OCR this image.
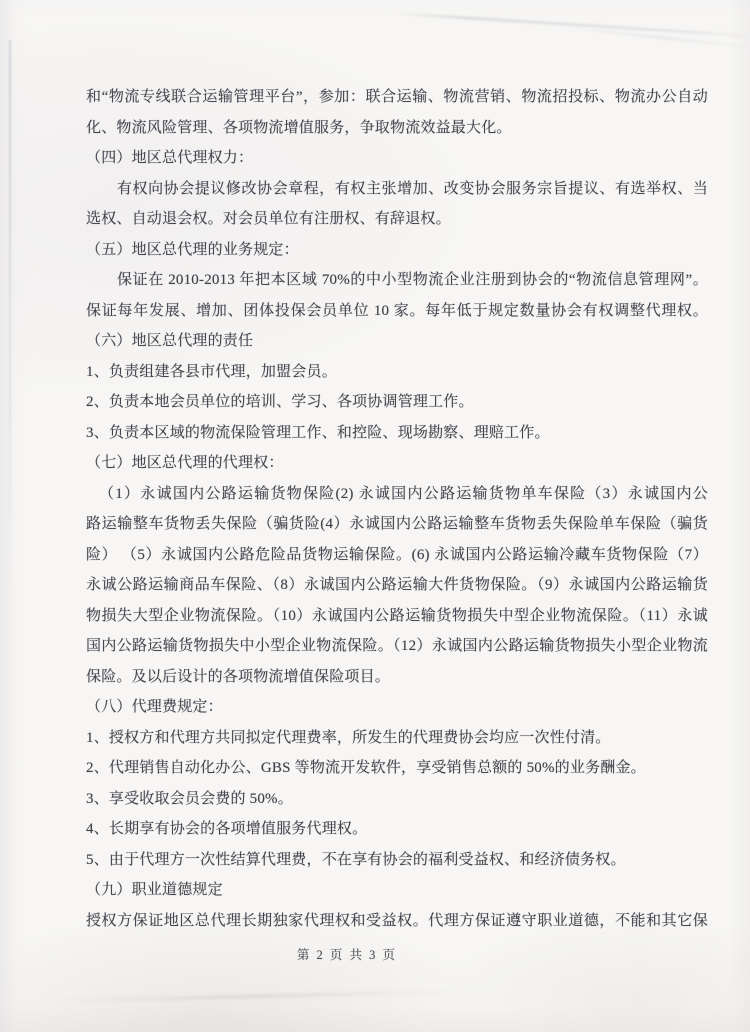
和“物流专线联合运输管理平台”，参加：联合运输、物流营销、物流招投标、物流办公自动
化、物流风险管理、各项物流增值服务，争取物流效益最大化。
（四）地区总代理权力：
有权向协会提议修改协会章程，有权主张增加、改变协会服务宗旨提议、有选举权、当
选权、自动退会权。对会员单位有注册权、有辞退权。
（五）地区总代理的业务规定：
保证在 2010-2013 年把本区域 70%的中小型物流企业注册到协会的“物流信息管理网”。
保证每年发展、增加、团体投保会员单位 10 家。每年低于规定数量协会有权调整代理权。
（六）地区总代理的责任
1、负责组建各县市代理，加盟会员。
2、负责本地会员单位的培训、学习、各项协调管理工作。
3、负责本区域的物流保险管理工作、和控险、现场勘察、理赔工作。
（七）地区总代理的代理权：
（1）永诚国内公路运输货物保险(2) 永诚国内公路运输货物单车保险（3）永诚国内公
路运输整车货物丢失保险（骗货险(4）永诚国内公路运输整车货物丢失保险单车保险（骗货
险） （5）永诚国内公路危险品货物运输保险。(6) 永诚国内公路运输冷藏车货物保险（7）
永诚公路运输商品车保险、（8）永诚国内公路运输大件货物保险。（9）永诚国内公路运输货
物损失大型企业物流保险。（10）永诚国内公路运输货物损失中型企业物流保险。（11）永诚
国内公路运输货物损失中小型企业物流保险。（12）永诚国内公路运输货物损失小型企业物流
保险。及以后设计的各项物流增值保险项目。
（八）代理费规定：
1、授权方和代理方共同拟定代理费率，所发生的代理费协会均应一次性付清。
2、代理销售自动化办公、GBS 等物流开发软件，享受销售总额的 50%的业务酬金。
3、享受收取会员会费的 50%。
4、长期享有协会的各项增值服务代理权。
5、由于代理方一次性结算代理费，不在享有协会的福利受益权、和经济债务权。
（九）职业道德规定
授权方保证地区总代理长期独家代理权和受益权。代理方保证遵守职业道德，不能和其它保
第 2 页 共 3 页
